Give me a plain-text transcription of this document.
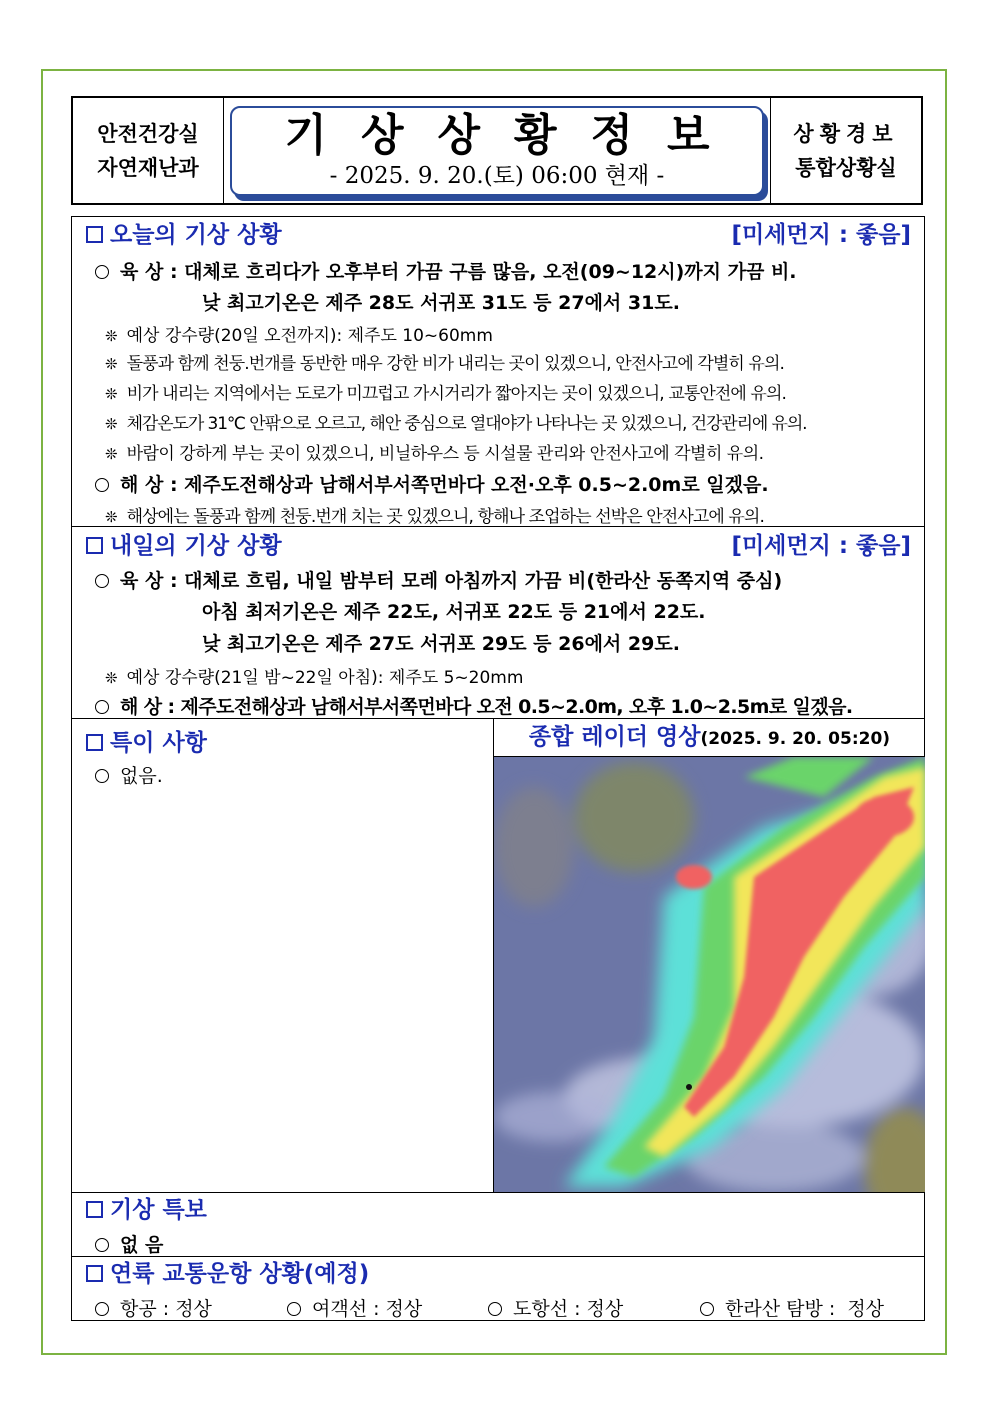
안전건강실
자연재난과
기상상황정보
- 2025. 9. 20.(토) 06:00 현재 -
상황경보
통합상황실
오늘의 기상 상황	[미세먼지 : 좋음]
육 상 : 대체로 흐리다가 오후부터 가끔 구름 많음, 오전(09~12시)까지 가끔 비.
낮 최고기온은 제주 28도 서귀포 31도 등 27에서 31도.
❊ 예상 강수량(20일 오전까지): 제주도 10~60mm
❊ 돌풍과 함께 천둥.번개를 동반한 매우 강한 비가 내리는 곳이 있겠으니, 안전사고에 각별히 유의.
❊ 비가 내리는 지역에서는 도로가 미끄럽고 가시거리가 짧아지는 곳이 있겠으니, 교통안전에 유의.
❊ 체감온도가 31℃ 안팎으로 오르고, 해안 중심으로 열대야가 나타나는 곳 있겠으니, 건강관리에 유의.
❊ 바람이 강하게 부는 곳이 있겠으니, 비닐하우스 등 시설물 관리와 안전사고에 각별히 유의.
해 상 : 제주도전해상과 남해서부서쪽먼바다 오전·오후 0.5~2.0m로 일겠음.
❊ 해상에는 돌풍과 함께 천둥.번개 치는 곳 있겠으니, 항해나 조업하는 선박은 안전사고에 유의.
내일의 기상 상황	[미세먼지 : 좋음]
육 상 : 대체로 흐림, 내일 밤부터 모레 아침까지 가끔 비(한라산 동쪽지역 중심)
아침 최저기온은 제주 22도, 서귀포 22도 등 21에서 22도.
낮 최고기온은 제주 27도 서귀포 29도 등 26에서 29도.
❊ 예상 강수량(21일 밤~22일 아침): 제주도 5~20mm
해 상 : 제주도전해상과 남해서부서쪽먼바다 오전 0.5~2.0m, 오후 1.0~2.5m로 일겠음.
특이 사항
없음.
종합 레이더 영상(2025. 9. 20. 05:20)
기상 특보
없 음
연륙 교통운항 상황(예정)
항공 : 정상	여객선 : 정상	도항선 : 정상	한라산 탐방 :  정상
